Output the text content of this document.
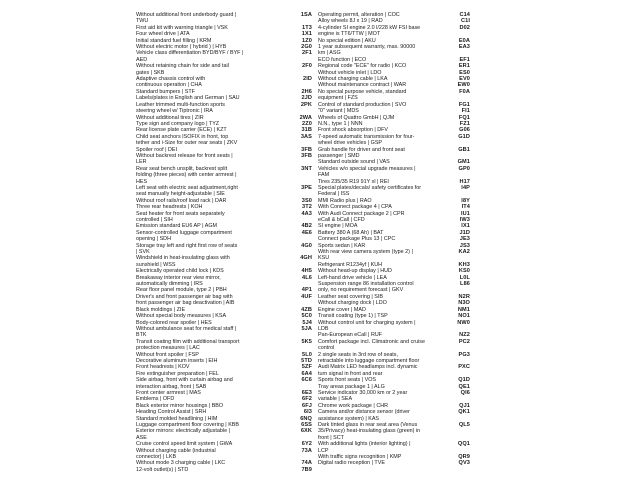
Without additional front underbody guard |
TWU
1SA
First aid kit with warning triangle | VSK	1T3
Four wheel drive | ATA	1X1
Initial standard fuel filling | KRM	1Z0
Without electric motor ( hybrid ) | HYB	2G0
Vehicle class differentiation BYD/BYF / BYF |
AED
2F1
Without retaining chain for side and tail
gates | SKB
2F0
Adaptive chassis control with
continuous operation | CHA
2ID
Standard bumpers | STF	2H6
Labels/plates in English and German | SAU	2JD
Leather trimmed multi-function sports
steering wheel w/ Tiptronic | IRA
2PK
Without additional tires | ZIR	2WA
Type sign and company logo | TYZ	2Z0
Rear license plate carrier (ECE) | KZT	31B
Child seat anchors ISOFIX in front, top
tether and i-Size for outer rear seats | ZKV
3AS
Spoiler roof | DEI	3FB
Without backrest release for front seats |
LER
3FB
Rear seat bench unsplit, backrest split
folding (three pieces) with center armrest |
HES
3NT
Left seat with electric seat adjustment,right
seat manually height-adjustable | SIE
3PE
Without roof rails/roof load rack | DAR	3S0
Three rear headrests | KOH	3T2
Seat heater for front seats separately
controlled | SIH
4A3
Emission standard EU6 AP | AGM	4B2
Sensor-controlled luggage compartment
opening | SDH
4E6
Storage tray left and right first row of seats
| SVK
4G0
Windshield in heat-insulating glass with
sunshield | WSS
4GH
Electrically operated child lock | KDS	4H5
Breakaway interior rear view mirror,
automatically dimming | IRS
4L6
Rear floor panel module, type 2 | PBH	4P1
Driver's and front passenger air bag with
front passenger air bag deactivation | AIB
4UF
Black moldings | ZIE	4ZB
Without special body measures | KSA	5C0
Body-colored rear spoiler | HES	5J4
Without ambulance seat for medical staff |
BTK
5JA
Transit coating film with additional transport
protection measures | LAC
5K5
Without front spoiler | FSP	5L0
Decorative aluminum inserts | EIH	5TD
Front headrests | KOV	5ZF
Fire extinguisher preparation | FEL	6A4
Side airbag, front with curtain airbag and
interaction airbag, front | SAB
6C6
Front center armrest | MAS	6E3
Emblems | OFD	6F2
Black exterior mirror housings | BBO	6FJ
Heading Control Assist | SRH	6I3
Standard molded headlining | HIM	6NQ
Luggage compartment floor covering | KBB	6SS
Exterior mirrors: electrically adjustable |
ASE
6XK
Cruise control speed limit system | GWA	6Y2
Without charging cable (industrial
connector) | LKB
73A
Without mode 3 charging cable | LKC	74A
12-volt outlet(s) | STD	7B9
Operating permit, alteration | COC	C14
Alloy wheels 8J x 19 | RAD	C1I
4-cylinder SI engine 2.0 l/228 kW FSI base
engine is TT6/TTW | MOT
D02
No special edition | AKU	E0A
1 year subsequent warranty, max. 90000
km | ASG
EA3
ECO function | ECO	EF1
Regional code "ECE" for radio | KCO	ER1
Without vehicle inlet | LDO	ES0
Without charging cable | LKA	EV0
Without maintenance contract | WAR	EW0
No special purpose vehicle, standard
equipment | FZS
F0A
Control of standard production | SVO	FG1
"0" variant | MDS	FI1
Wheels of Quattro GmbH | QJM	FQ1
N.N., type 1 | NNN	FZ1
Front shock absorption | DFV	G06
7-speed automatic transmission for four-
wheel drive vehicles | GSP
G1D
Grab handle for driver and front seat
passenger | SMD
GB1
Standard outside sound | VAS	GM1
Vehicles w/o special upgrade measures |
FAM
GP0
Tires 235/35 R19 91Y xl | REI	H17
Special plates/decals/ safety certificates for
Federal | ISS
I4P
MMI Radio plus | RAO	I8Y
With Connect package 4 | CPA	IT4
With Audi Connect package 2 | CPR	IU1
eCall & bCall | CFD	IW3
SI engine | MOA	IX1
Battery 380 A (68 Ah) | BAT	J1D
Connect package Plus 13 | CPC	JE3
Sports sedan | KAR	JS3
With rear view camera system (type 2) |
KSU
KA2
Refrigerant R1234yf | KUH	KH3
Without head-up display | HUD	KS0
Left-hand drive vehicle | LEA	L0L
Suspension range 86 installation control
only, no requirement forecast | GKV
L86
Leather seat covering | SIB	N2R
Without charging dock | LDO	N3O
Engine cover | MAD	NM1
Transit coating (type 1) | TSP	NO1
Without control unit for charging system |
LDB
NW0
Pan-European eCall | RUF	NZ2
Comfort package incl. Climatronic and cruise
control
PC2
2 single seats in 3rd row of seats,
retractable into luggage compartment floor
PG3
Audi Matrix LED headlamps incl. dynamic
turn signal in front and rear
PXC
Sports front seats | VOS	Q1D
Tray areas package 1 | ALG	QE1
Service indicator 30,000 km or 2 year
variable | SEA
QI6
Chrome work package | CHR	QJ1
Camera and/or distance sensor (driver
assistance system) | KAS
QK1
Dark tinted glass in rear seat area (Venus
35/Privacy) heat-insulating glass (green) in
front | SCT
QL5
With additional lights (interior lighting) |
LCP
QQ1
With traffic signs recognition | KMP	QR9
Digital radio reception | TVE	QV3
